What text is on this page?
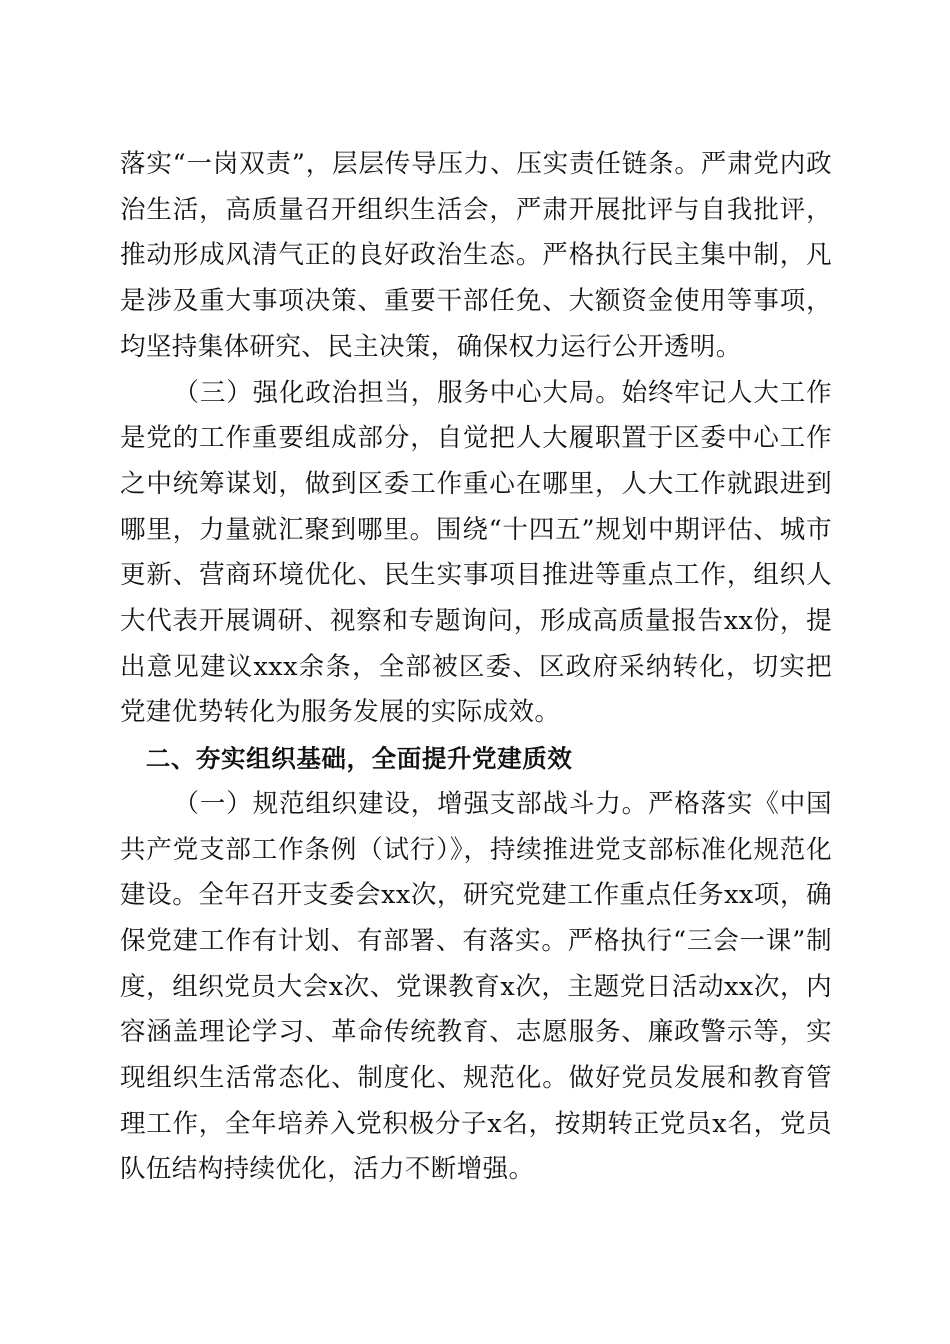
落实“一岗双责”，层层传导压力、压实责任链条。严肃党内政治生活，高质量召开组织生活会，严肃开展批评与自我批评，推动形成风清气正的良好政治生态。严格执行民主集中制，凡是涉及重大事项决策、重要干部任免、大额资金使用等事项，均坚持集体研究、民主决策，确保权力运行公开透明。

（三）强化政治担当，服务中心大局。始终牢记人大工作是党的工作重要组成部分，自觉把人大履职置于区委中心工作之中统筹谋划，做到区委工作重心在哪里，人大工作就跟进到哪里，力量就汇聚到哪里。围绕“十四五”规划中期评估、城市更新、营商环境优化、民生实事项目推进等重点工作，组织人大代表开展调研、视察和专题询问，形成高质量报告xx份，提出意见建议xxx余条，全部被区委、区政府采纳转化，切实把党建优势转化为服务发展的实际成效。

二、夯实组织基础，全面提升党建质效

（一）规范组织建设，增强支部战斗力。严格落实《中国共产党支部工作条例（试行）》，持续推进党支部标准化规范化建设。全年召开支委会xx次，研究党建工作重点任务xx项，确保党建工作有计划、有部署、有落实。严格执行“三会一课”制度，组织党员大会x次、党课教育x次，主题党日活动xx次，内容涵盖理论学习、革命传统教育、志愿服务、廉政警示等，实现组织生活常态化、制度化、规范化。做好党员发展和教育管理工作，全年培养入党积极分子x名，按期转正党员x名，党员队伍结构持续优化，活力不断增强。
